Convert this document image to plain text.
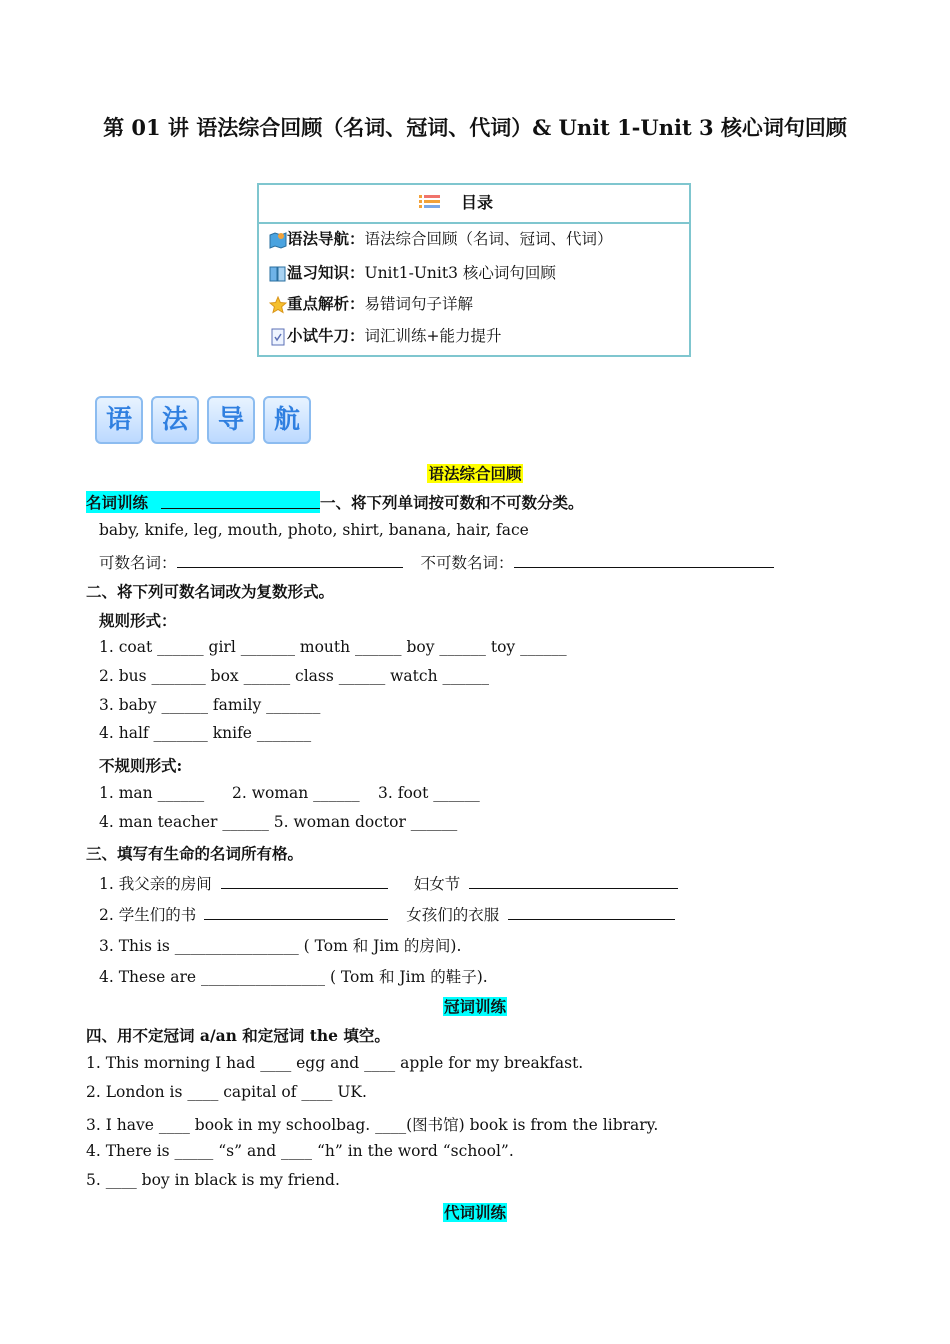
第 01 讲 语法综合回顾（名词、冠词、代词）& Unit 1-Unit 3 核心词句回顾
目录
语法导航：语法综合回顾（名词、冠词、代词）
温习知识：Unit1-Unit3 核心词句回顾
重点解析：易错词句子详解
小试牛刀：词汇训练+能力提升
语	法	导	航
语法综合回顾
名词训练	一、将下列单词按可数和不可数分类。
baby, knife, leg, mouth, photo, shirt, banana, hair, face
可数名词：	不可数名词：
二、将下列可数名词改为复数形式。
规则形式：
1. coat ______ girl _______ mouth ______ boy ______ toy ______
2. bus _______ box ______ class ______ watch ______
3. baby ______ family _______
4. half _______ knife _______
不规则形式:
1. man ______ 2. woman ______ 3. foot ______
4. man teacher ______ 5. woman doctor ______
三、填写有生命的名词所有格。
1. 我父亲的房间	妇女节
2. 学生们的书	女孩们的衣服
3. This is ________________ ( Tom 和 Jim 的房间).
4. These are ________________ ( Tom 和 Jim 的鞋子).
冠词训练
四、用不定冠词 a/an 和定冠词 the 填空。
1. This morning I had ____ egg and ____ apple for my breakfast.
2. London is ____ capital of ____ UK.
3. I have ____ book in my schoolbag. ____(图书馆) book is from the library.
4. There is _____ “s” and ____ “h” in the word “school”.
5. ____ boy in black is my friend.
代词训练
